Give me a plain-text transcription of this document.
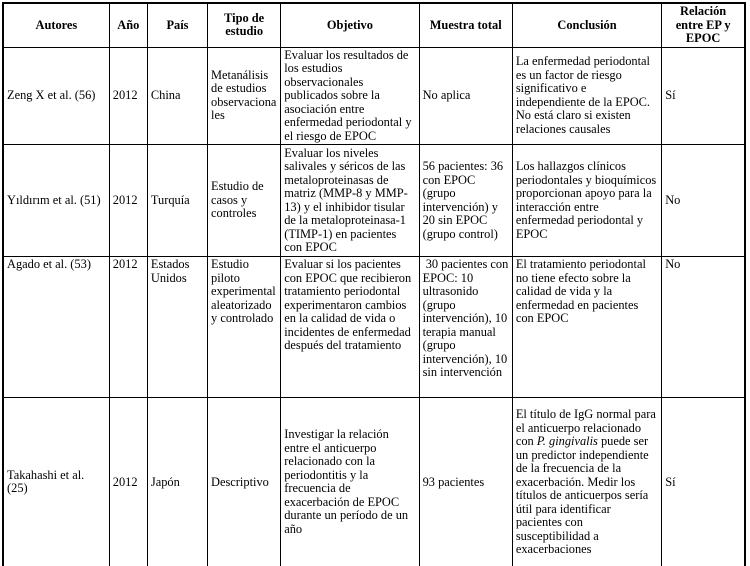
Autores	Año	País	Tipo de estudio	Objetivo	Muestra total	Conclusión	Relación entre EP y EPOC
Zeng X et al. (56)	2012	China	Metanálisis de estudios observacionales	Evaluar los resultados de los estudios observacionales publicados sobre la asociación entre enfermedad periodontal y el riesgo de EPOC	No aplica	La enfermedad periodontal es un factor de riesgo significativo e independiente de la EPOC. No está claro si existen relaciones causales	Sí
Yıldırım et al. (51)	2012	Turquía	Estudio de casos y controles	Evaluar los niveles salivales y séricos de las metaloproteinasas de matriz (MMP-8 y MMP-13) y el inhibidor tisular de la metaloproteinasa-1 (TIMP-1) en pacientes con EPOC	56 pacientes: 36 con EPOC (grupo intervención) y 20 sin EPOC (grupo control)	Los hallazgos clínicos periodontales y bioquímicos proporcionan apoyo para la interacción entre enfermedad periodontal y EPOC	No
Agado et al. (53)	2012	Estados Unidos	Estudio piloto experimental aleatorizado y controlado	Evaluar si los pacientes con EPOC que recibieron tratamiento periodontal experimentaron cambios en la calidad de vida o incidentes de enfermedad después del tratamiento	30 pacientes con EPOC: 10 ultrasonido (grupo intervención), 10 terapia manual (grupo intervención), 10 sin intervención	El tratamiento periodontal no tiene efecto sobre la calidad de vida y la enfermedad en pacientes con EPOC	No
Takahashi et al. (25)	2012	Japón	Descriptivo	Investigar la relación entre el anticuerpo relacionado con la periodontitis y la frecuencia de exacerbación de EPOC durante un período de un año	93 pacientes	El título de IgG normal para el anticuerpo relacionado con P. gingivalis puede ser un predictor independiente de la frecuencia de la exacerbación. Medir los títulos de anticuerpos sería útil para identificar pacientes con susceptibilidad a exacerbaciones	Sí
